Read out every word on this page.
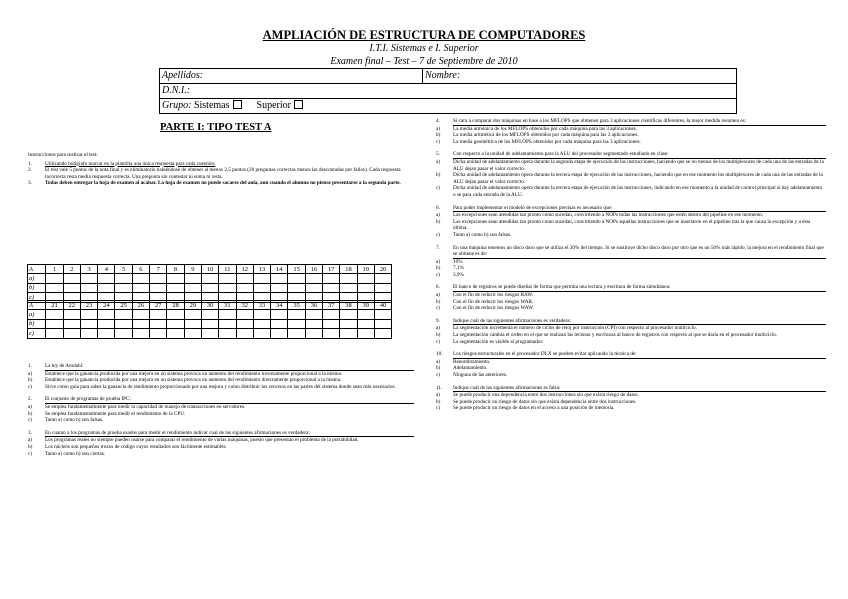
AMPLIACIÓN DE ESTRUCTURA DE COMPUTADORES
I.T.I. Sistemas e I. Superior
Examen final – Test – 7 de Septiembre de 2010
Apellidos:	Nombre:
D.N.I.:
Grupo: Sistemas	Superior
PARTE I: TIPO TEST A
Instrucciones para realizar el test:
1.	Utilizando bolígrafo marcar en la plantilla una única respuesta para cada cuestión.
2.	El test vale 5 puntos de la nota final y es eliminatorio habiéndose de obtener al menos 2,5 puntos (20 preguntas correctas menos las descontadas por fallos). Cada respuesta incorrecta resta media respuesta correcta. Una pregunta sin contestar ni suma ni resta.
3.	Todas deben entregar la hoja de examen al acabar. La hoja de examen no puede sacarse del aula, aun cuando el alumno no piense presentarse a la segunda parte.
A	1	2	3	4	5	6	7	8	9	10	11	12	13	14	15	16	17	18	19	20
a)																				
b)																				
c)																				
A	21	22	23	24	25	26	27	28	29	30	31	32	33	34	35	36	37	38	39	40
a)																				
b)																				
c)																				
1.	La ley de Amdahl:
a)	Establece que la ganancia producida por una mejora en un sistema provoca un aumento del rendimiento inversamente proporcional a la misma.
b)	Establece que la ganancia producida por una mejora en un sistema provoca un aumento del rendimiento directamente proporcional a la misma.
c)	Sirve como guía para saber la ganancia de rendimiento proporcionado por una mejora y como distribuir los recursos en las partes del sistema donde sean más necesarios.
2.	El conjunto de programas de prueba IPC:
a)	Se emplea fundamentalmente para medir la capacidad de manejo de transacciones en servidores.
b)	Se emplea fundamentalmente para medir el rendimiento de la CPU.
c)	Tanto a) como b) son falsas.
3.	En cuanto a los programas de prueba usados para medir el rendimiento indicar cual de las siguientes afirmaciones es verdadera:
a)	Los programas reales no siempre pueden usarse para comparar el rendimiento de varias máquinas, puesto que presentan el problema de la portabilidad.
b)	Los núcleos son pequeños trozos de código cuyos resultados son fácilmente estimables.
c)	Tanto a) como b) son ciertas.
4.	Si cara a comparar dos máquinas en base a los MFLOPS que obtienen para 3 aplicaciones científicas diferentes, la mejor medida resumen es:
a)	La media armónica de los MFLOPS obtenidos por cada máquina para las 3 aplicaciones.
b)	La media aritmética de los MFLOPS obtenidos por cada máquina para las 3 aplicaciones.
c)	La media geométrica de los MFLOPS obtenidos por cada máquina para las 3 aplicaciones.
5.	Con respecto a la unidad de adelantamiento para la ALU del procesador segmentado estudiado en clase:
a)	Dicha unidad de adelantamiento opera durante la segunda etapa de ejecución de las instrucciones, haciendo que se no menos de los multiplexores de cada una de las entradas de la ALU dejan pasar el valor correcto.
b)	Dicha unidad de adelantamiento opera durante la tercera etapa de ejecución de las instrucciones, haciendo que en ese momento los multiplexores de cada una de las entradas de la ALU dejan pasar el valor correcto.
c)	Dicha unidad de adelantamiento opera durante la tercera etapa de ejecución de las instrucciones, indicando en ese momento a la unidad de control principal si hay adelantamiento o se para cada entrada de la ALU.
6.	Para poder implementar el modelo de excepciones precisas es necesario que:
a)	Las excepciones sean atendidas tan pronto como sucedan, convirtiendo a NOPs todas las instrucciones que estén dentro del pipeline en ese momento.
b)	Las excepciones sean atendidas tan pronto como sucedan, convirtiendo a NOPs aquellas instrucciones que se insertaron en el pipeline tras la que causa la excepción y a ésta última.
c)	Tanto a) como b) son falsas.
7.	En una máquina tenemos un disco duro que se utiliza el 20% del tiempo. Si se sustituye dicho disco duro por otro que es un 50% más rápido, la mejora en el rendimiento final que se obtiene es de:
a)	10%
b)	7,1%
c)	3,9%
8.	El banco de registros se puede diseñar de forma que permita una lectura y escritura de forma simultánea:
a)	Con el fin de reducir los riesgos RAW.
b)	Con el fin de reducir los riesgos WAR.
c)	Con el fin de reducir los riesgos WAW.
9.	Indique cuál de las siguientes afirmaciones es verdadera:
a)	La segmentación incrementa el número de ciclos de reloj por instrucción (CPI) con respecto al procesador multiciclo.
b)	La segmentación cambia el orden en el que se realizan las lecturas y escrituras al banco de registros con respecto al que se daría en el procesador multiciclo.
c)	La segmentación es visible al programador.
10.	Los riesgos estructurales en el procesador DLX se pueden evitar aplicando la técnica de:
a)	Renombramiento.
b)	Adelantamiento.
c)	Ninguna de las anteriores.
11.	Indique cuál de las siguientes afirmaciones es falsa:
a)	Se puede producir una dependencia entre dos instrucciones sin que exista riesgo de datos.
b)	Se puede producir un riesgo de datos sin que exista dependencia entre dos instrucciones.
c)	Se puede producir un riesgo de datos en el acceso a una posición de memoria.
